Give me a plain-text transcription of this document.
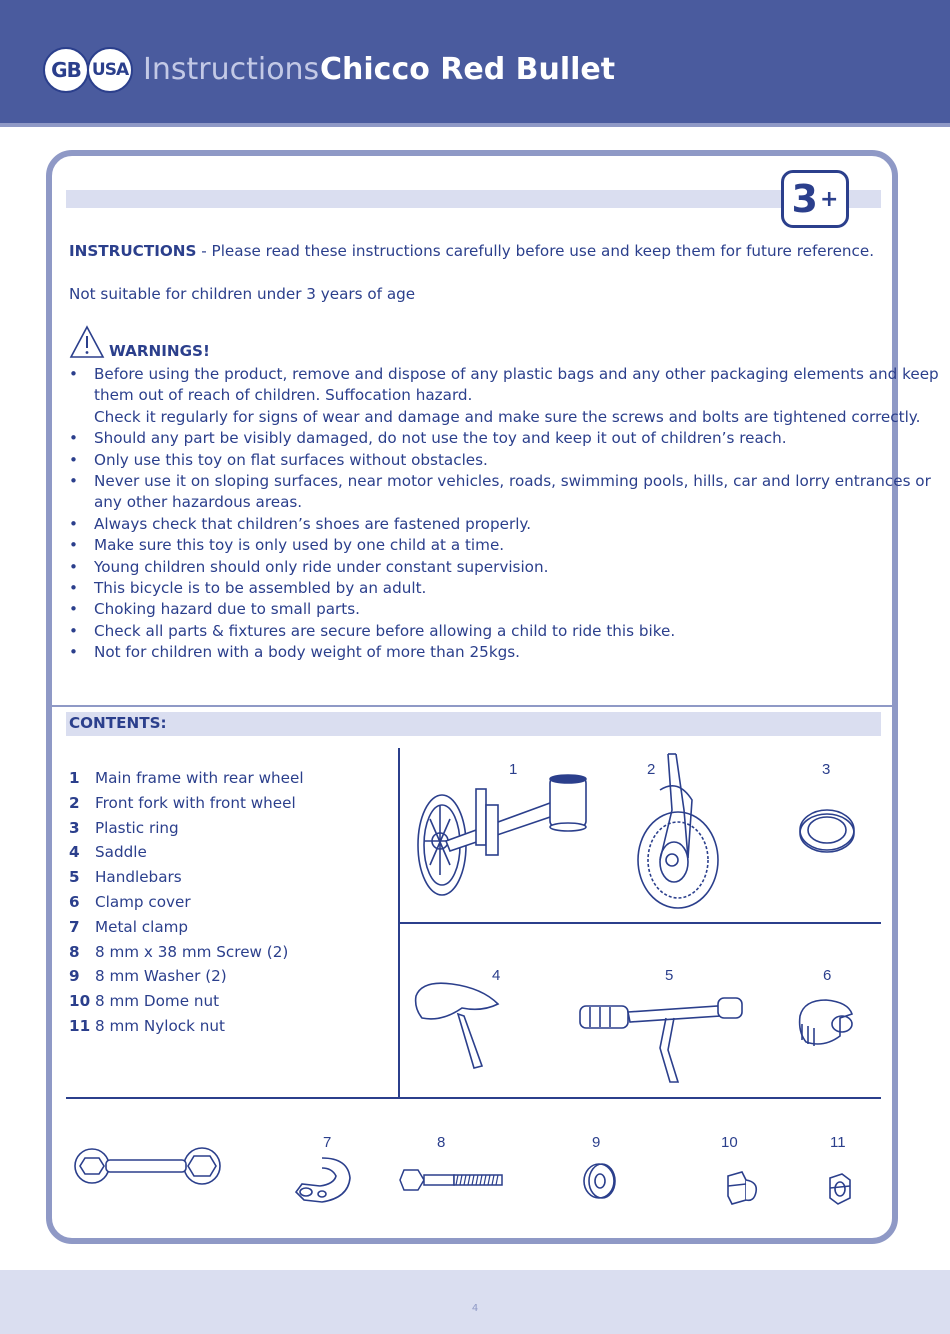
GB USA Instructions Chicco Red Bullet
3 +
INSTRUCTIONS - Please read these instructions carefully before use and keep them for future reference.
Not suitable for children under 3 years of age
WARNINGS!
• Before using the product, remove and dispose of any plastic bags and any other packaging elements and keep
them out of reach of children. Suffocation hazard.
Check it regularly for signs of wear and damage and make sure the screws and bolts are tightened correctly.
• Should any part be visibly damaged, do not use the toy and keep it out of children’s reach.
• Only use this toy on flat surfaces without obstacles.
• Never use it on sloping surfaces, near motor vehicles, roads, swimming pools, hills, car and lorry entrances or
any other hazardous areas.
• Always check that children’s shoes are fastened properly.
• Make sure this toy is only used by one child at a time.
• Young children should only ride under constant supervision.
• This bicycle is to be assembled by an adult.
• Choking hazard due to small parts.
• Check all parts & fixtures are secure before allowing a child to ride this bike.
• Not for children with a body weight of more than 25kgs.
CONTENTS:
1 Main frame with rear wheel
2 Front fork with front wheel
3 Plastic ring
4 Saddle
5 Handlebars
6 Clamp cover
7 Metal clamp
8 8 mm x 38 mm Screw (2)
9 8 mm Washer (2)
10 8 mm Dome nut
11 8 mm Nylock nut
1	2	3
4	5	6
7	8	9	10	11
4
